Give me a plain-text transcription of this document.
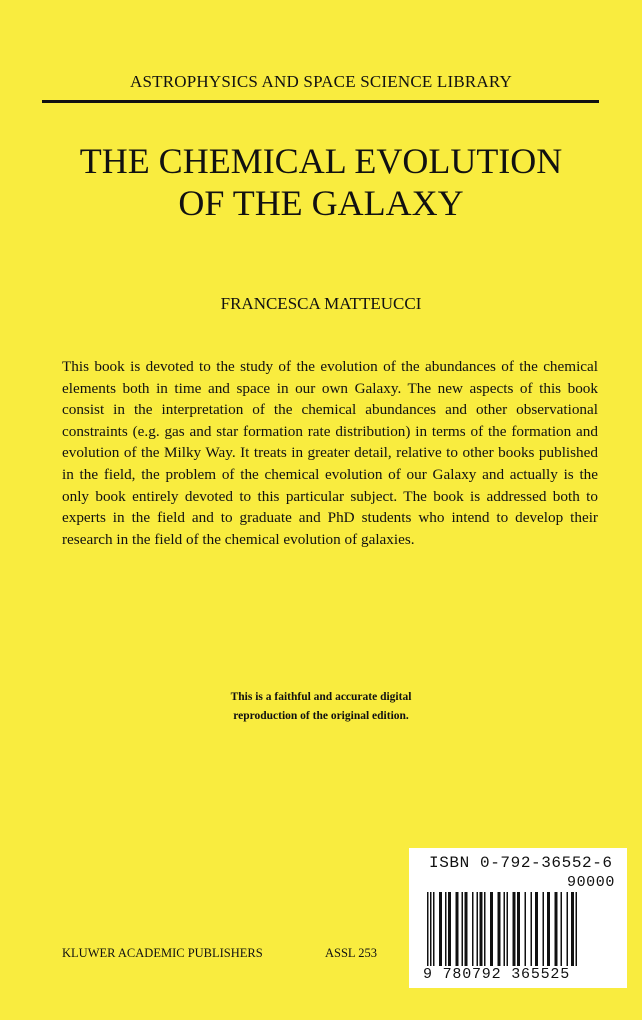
ASTROPHYSICS AND SPACE SCIENCE LIBRARY
THE CHEMICAL EVOLUTION
OF THE GALAXY
FRANCESCA MATTEUCCI

This book is devoted to the study of the evolution of the abundances of the chemical elements both in time and space in our own Galaxy. The new aspects of this book consist in the interpretation of the chemical abundances and other observational constraints (e.g. gas and star formation rate distribution) in terms of the formation and evolution of the Milky Way. It treats in greater detail, relative to other books published in the field, the problem of the chemical evolution of our Galaxy and actually is the only book entirely devoted to this particular subject. The book is addressed both to experts in the field and to graduate and PhD students who intend to develop their research in the field of the chemical evolution of galaxies.

This is a faithful and accurate digital
reproduction of the original edition.
ISBN 0-792-36552-6
90000
9 780792 365525
KLUWER ACADEMIC PUBLISHERS	ASSL 253
